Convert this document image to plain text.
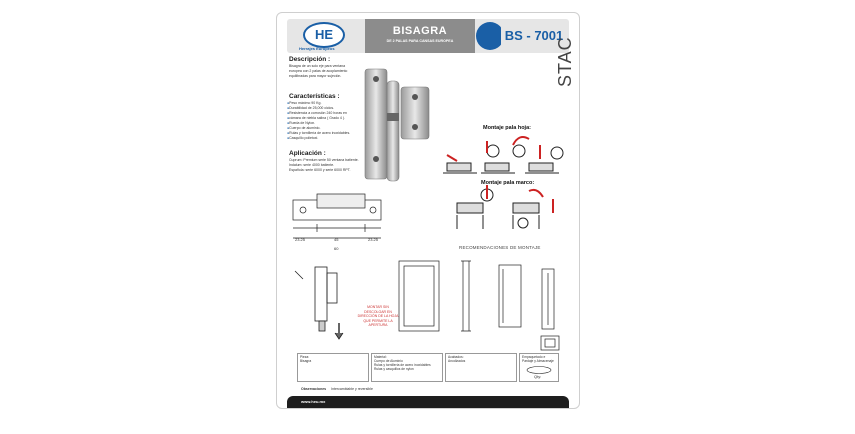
HE
Herrajes Europeos
BISAGRA
DE 2 PALAS PARA CANSAS EUROPEA	BS - 7001
Descripción :
Bisagra de un solo eje para ventana europea con 2 palas de acoplamiento equilibradas para mayor sujeción.
Características :
● Peso máximo 90 Kg.
● Durabilidad de 25,000 ciclos.
● Resistencia a corrosión 240 horas en
● cámara de niebla salina ( Grado 4 ).
● Rueda de Nylon.
● Cuerpo de aluminio.
● Rulas y tornillería de acero inoxidables.
● Casquillo polietoxi.
Aplicación :
Cuprum: Premium serie 50 ventana batiente.
Indalum: serie 4000 batiente.
Española: serie 6000 y serie 6000 RPT.
STAC
Montaje pala hoja:
Montaje pala marco:
23.25	45	23.25
60	RECOMENDACIONES DE MONTAJE
MONTAR SIN DESCOLGAR EN DIRECCIÓN DE LA HOJA QUE PERMITE LA APERTURA
Pieza:
Bisagra
Material:
Cuerpo de Aluminio
Rulas y tornillería de acero inoxidables
Rulas y casquillos de nylon
Acabados:
Anodizados
Empaquetado e Pardaje y Almacenaje
Qty:
Observaciones Intercambiable y reversible
www.heu.mx
